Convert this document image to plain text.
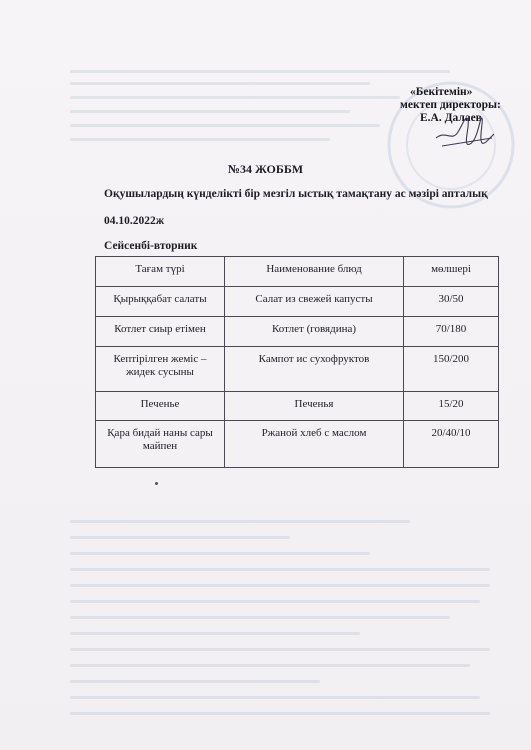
«Бекітемін»
мектеп директоры:
Е.А. Далаев
№34 ЖОББМ
Оқушылардың күнделікті бір мезгіл ыстық тамақтану ас мәзірі апталық
04.10.2022ж
Сейсенбі-вторник
Тағам түрі	Наименование блюд	мөлшері
Қырыққабат салаты	Салат из свежей капусты	30/50
Котлет сиыр етімен	Котлет (говядина)	70/180
Кептірілген жеміс – жидек сусыны	Кампот ис сухофруктов	150/200
Печенье	Печенья	15/20
Қара бидай наны сары майпен	Ржаной хлеб с маслом	20/40/10
